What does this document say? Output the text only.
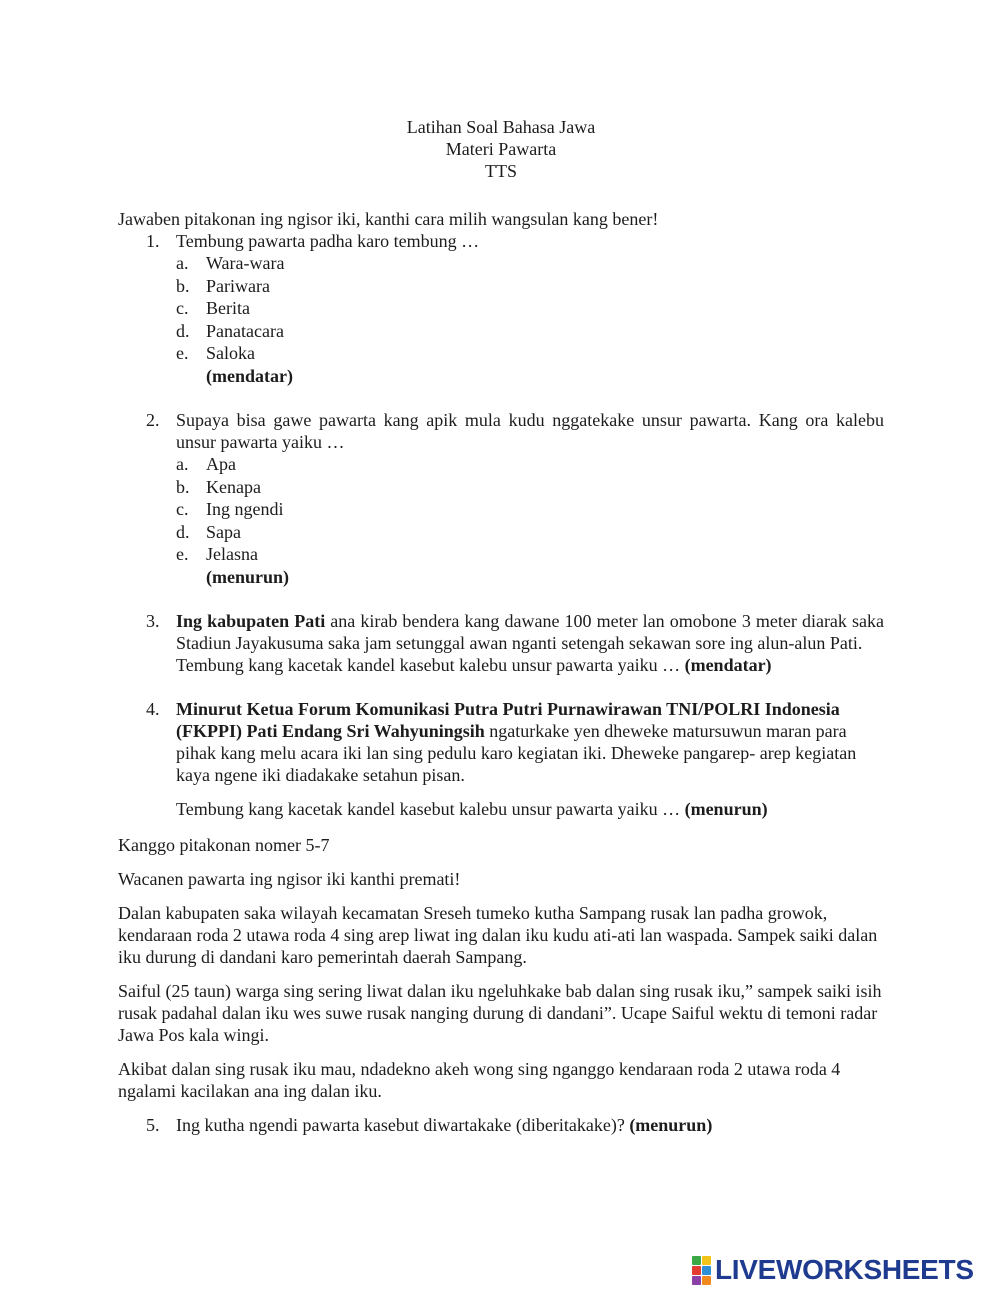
Latihan Soal Bahasa Jawa
Materi Pawarta
TTS
Jawaben pitakonan ing ngisor iki, kanthi cara milih wangsulan kang bener!
1. Tembung pawarta padha karo tembung …
a. Wara-wara
b. Pariwara
c. Berita
d. Panatacara
e. Saloka
(mendatar)
2. Supaya bisa gawe pawarta kang apik mula kudu nggatekake unsur pawarta. Kang ora kalebu unsur pawarta yaiku …
a. Apa
b. Kenapa
c. Ing ngendi
d. Sapa
e. Jelasna
(menurun)
3. Ing kabupaten Pati ana kirab bendera kang dawane 100 meter lan omobone 3 meter diarak saka Stadiun Jayakusuma saka jam setunggal awan nganti setengah sekawan sore ing alun-alun Pati.
Tembung kang kacetak kandel kasebut kalebu unsur pawarta yaiku … (mendatar)
4. Minurut Ketua Forum Komunikasi Putra Putri Purnawirawan TNI/POLRI Indonesia (FKPPI) Pati Endang Sri Wahyuningsih ngaturkake yen dheweke matursuwun maran para pihak kang melu acara iki lan sing pedulu karo kegiatan iki. Dheweke pangarep- arep kegiatan kaya ngene iki diadakake setahun pisan.
Tembung kang kacetak kandel kasebut kalebu unsur pawarta yaiku … (menurun)

Kanggo pitakonan nomer 5-7

Wacanen pawarta ing ngisor iki kanthi premati!

Dalan kabupaten saka wilayah kecamatan Sreseh tumeko kutha Sampang rusak lan padha growok, kendaraan roda 2 utawa roda 4 sing arep liwat ing dalan iku kudu ati-ati lan waspada. Sampek saiki dalan iku durung di dandani karo pemerintah daerah Sampang.

Saiful (25 taun) warga sing sering liwat dalan iku ngeluhkake bab dalan sing rusak iku,” sampek saiki isih rusak padahal dalan iku wes suwe rusak nanging durung di dandani”. Ucape Saiful wektu di temoni radar Jawa Pos kala wingi.

Akibat dalan sing rusak iku mau, ndadekno akeh wong sing nganggo kendaraan roda 2 utawa roda 4 ngalami kacilakan ana ing dalan iku.

5. Ing kutha ngendi pawarta kasebut diwartakake (diberitakake)? (menurun)
LIVEWORKSHEETS
